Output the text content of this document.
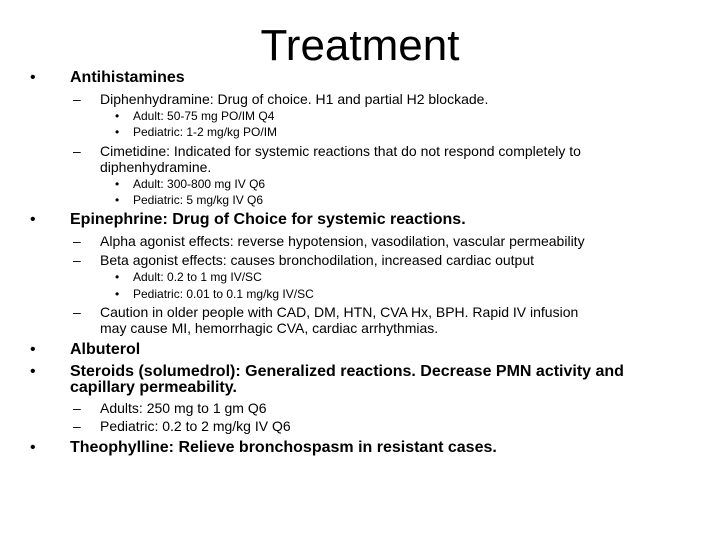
Treatment
• Antihistamines
– Diphenhydramine: Drug of choice. H1 and partial H2 blockade.
• Adult: 50-75 mg PO/IM Q4
• Pediatric: 1-2 mg/kg PO/IM
– Cimetidine: Indicated for systemic reactions that do not respond completely to
diphenhydramine.
• Adult: 300-800 mg IV Q6
• Pediatric: 5 mg/kg IV Q6
• Epinephrine: Drug of Choice for systemic reactions.
– Alpha agonist effects: reverse hypotension, vasodilation, vascular permeability
– Beta agonist effects: causes bronchodilation, increased cardiac output
• Adult: 0.2 to 1 mg IV/SC
• Pediatric: 0.01 to 0.1 mg/kg IV/SC
– Caution in older people with CAD, DM, HTN, CVA Hx, BPH. Rapid IV infusion
may cause MI, hemorrhagic CVA, cardiac arrhythmias.
• Albuterol
• Steroids (solumedrol): Generalized reactions. Decrease PMN activity and
capillary permeability.
– Adults: 250 mg to 1 gm Q6
– Pediatric: 0.2 to 2 mg/kg IV Q6
• Theophylline: Relieve bronchospasm in resistant cases.
